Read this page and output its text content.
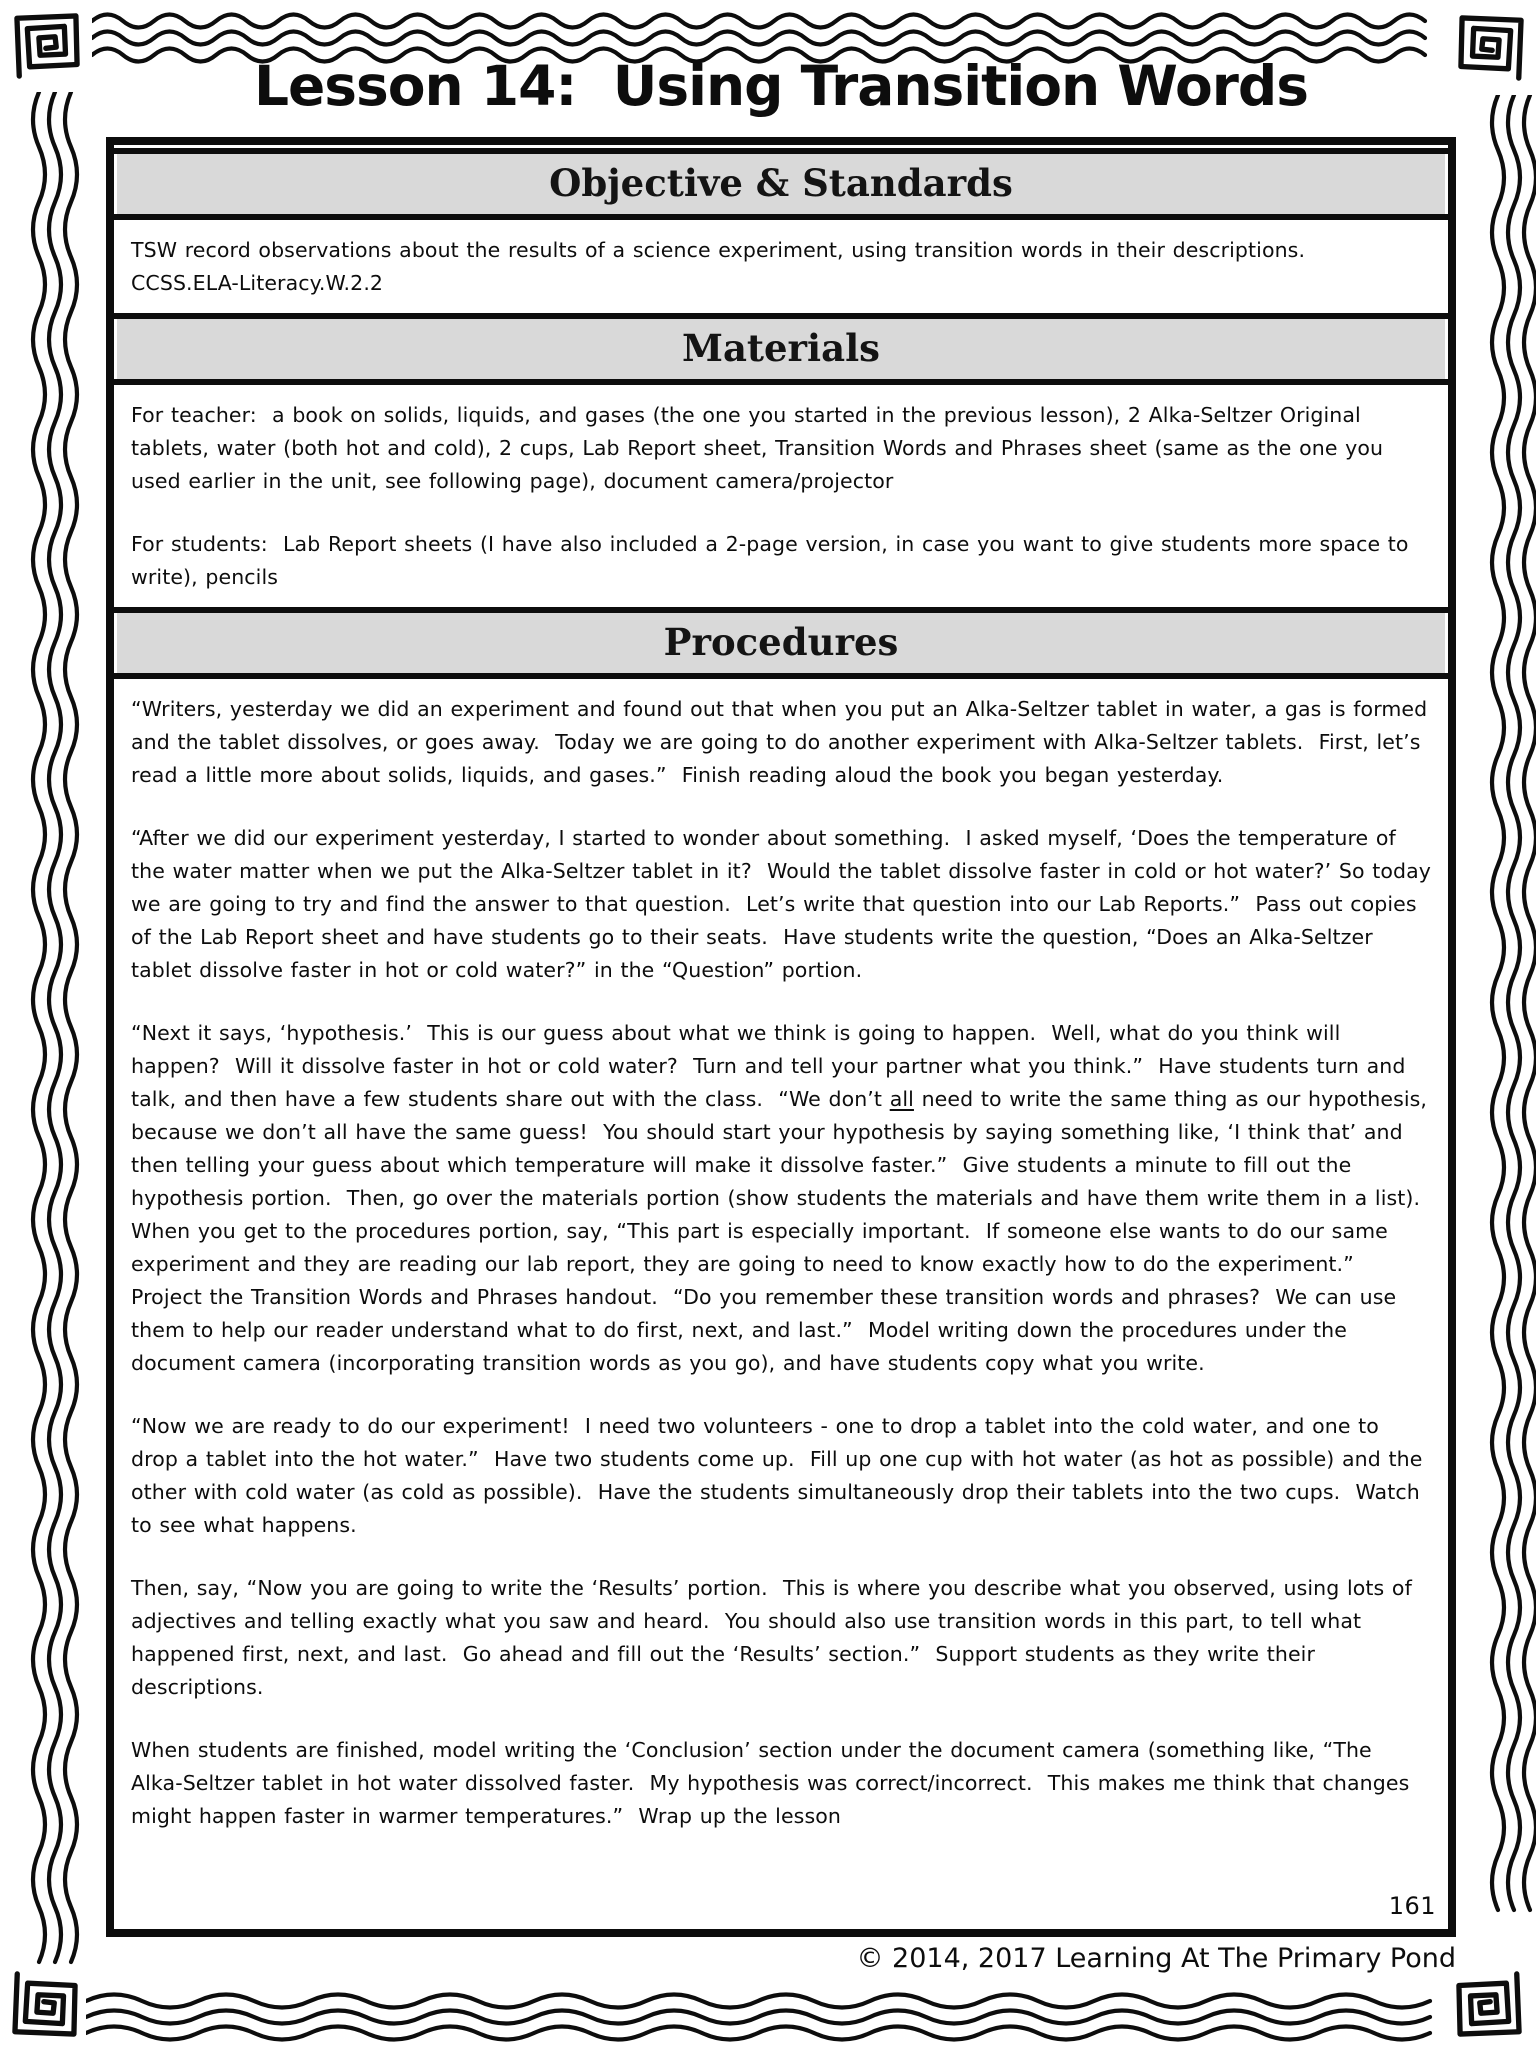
Lesson 14:  Using Transition Words
Objective & Standards

TSW record observations about the results of a science experiment, using transition words in their descriptions.

CCSS.ELA-Literacy.W.2.2

Materials

For teacher:  a book on solids, liquids, and gases (the one you started in the previous lesson), 2 Alka-Seltzer Original tablets, water (both hot and cold), 2 cups, Lab Report sheet, Transition Words and Phrases sheet (same as the one you used earlier in the unit, see following page), document camera/projector

For students:  Lab Report sheets (I have also included a 2-page version, in case you want to give students more space to write), pencils

Procedures

“Writers, yesterday we did an experiment and found out that when you put an Alka-Seltzer tablet in water, a gas is formed and the tablet dissolves, or goes away.  Today we are going to do another experiment with Alka-Seltzer tablets.  First, let’s read a little more about solids, liquids, and gases.”  Finish reading aloud the book you began yesterday.

“After we did our experiment yesterday, I started to wonder about something.  I asked myself, ‘Does the temperature of the water matter when we put the Alka-Seltzer tablet in it?  Would the tablet dissolve faster in cold or hot water?’ So today we are going to try and find the answer to that question.  Let’s write that question into our Lab Reports.”  Pass out copies of the Lab Report sheet and have students go to their seats.  Have students write the question, “Does an Alka-Seltzer tablet dissolve faster in hot or cold water?” in the “Question” portion.

“Next it says, ‘hypothesis.’  This is our guess about what we think is going to happen.  Well, what do you think will happen?  Will it dissolve faster in hot or cold water?  Turn and tell your partner what you think.”  Have students turn and talk, and then have a few students share out with the class.  “We don’t all need to write the same thing as our hypothesis, because we don’t all have the same guess!  You should start your hypothesis by saying something like, ‘I think that’ and then telling your guess about which temperature will make it dissolve faster.”  Give students a minute to fill out the hypothesis portion.  Then, go over the materials portion (show students the materials and have them write them in a list).  When you get to the procedures portion, say, “This part is especially important.  If someone else wants to do our same experiment and they are reading our lab report, they are going to need to know exactly how to do the experiment.”  Project the Transition Words and Phrases handout.  “Do you remember these transition words and phrases?  We can use them to help our reader understand what to do first, next, and last.”  Model writing down the procedures under the document camera (incorporating transition words as you go), and have students copy what you write.

“Now we are ready to do our experiment!  I need two volunteers - one to drop a tablet into the cold water, and one to drop a tablet into the hot water.”  Have two students come up.  Fill up one cup with hot water (as hot as possible) and the other with cold water (as cold as possible).  Have the students simultaneously drop their tablets into the two cups.  Watch to see what happens.

Then, say, “Now you are going to write the ‘Results’ portion.  This is where you describe what you observed, using lots of adjectives and telling exactly what you saw and heard.  You should also use transition words in this part, to tell what happened first, next, and last.  Go ahead and fill out the ‘Results’ section.”  Support students as they write their descriptions.

When students are finished, model writing the ‘Conclusion’ section under the document camera (something like, “The Alka-Seltzer tablet in hot water dissolved faster.  My hypothesis was correct/incorrect.  This makes me think that changes might happen faster in warmer temperatures.”  Wrap up the lesson

161
© 2014, 2017 Learning At The Primary Pond
